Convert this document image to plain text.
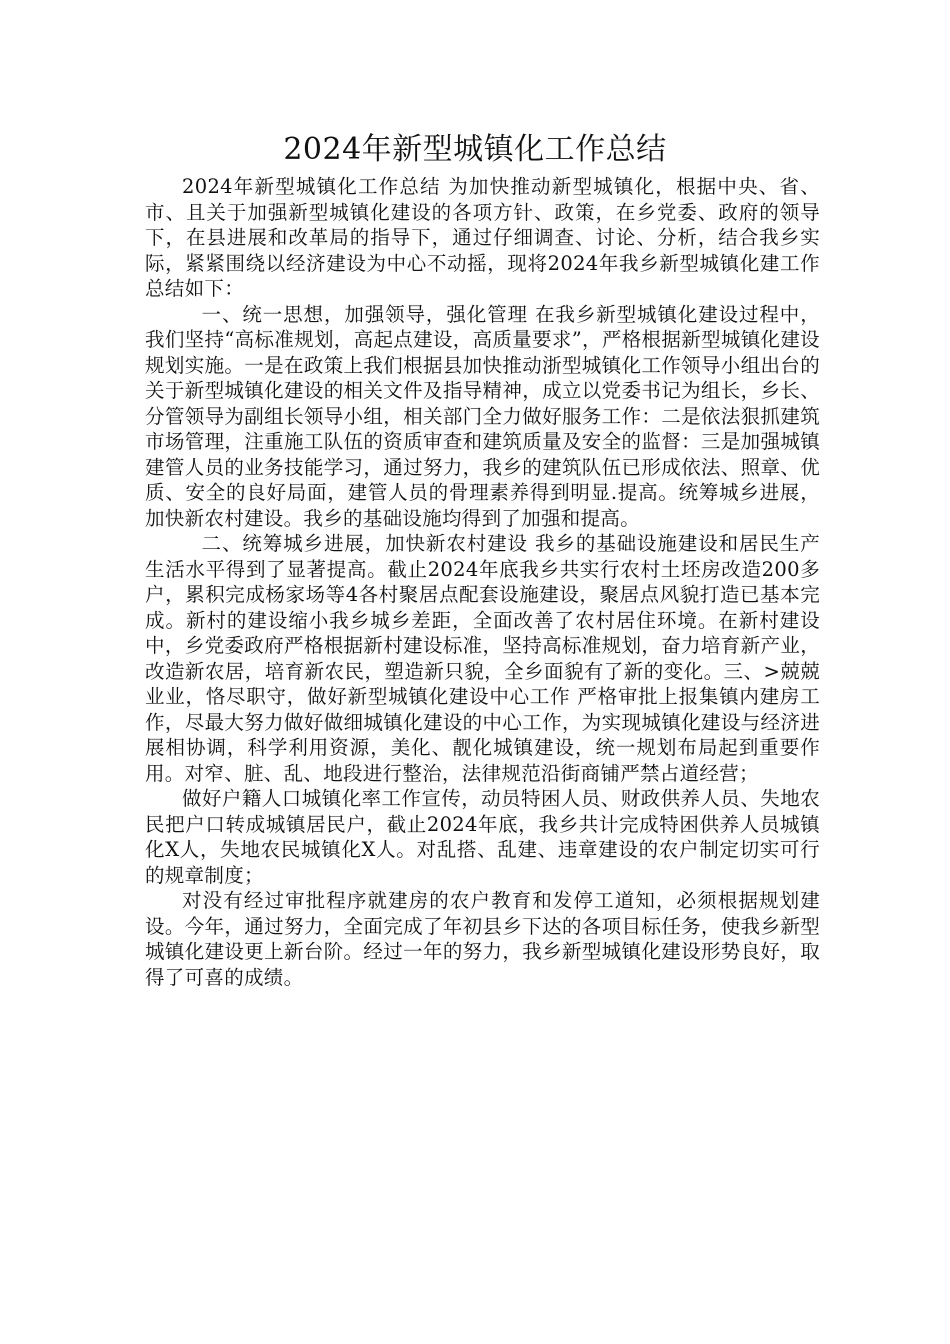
2024年新型城镇化工作总结

2024年新型城镇化工作总结 为加快推动新型城镇化，根据中央、省、市、且关于加强新型城镇化建设的各项方针、政策，在乡党委、政府的领导下，在县进展和改革局的指导下，通过仔细调查、讨论、分析，结合我乡实际，紧紧围绕以经济建设为中心不动摇，现将2024年我乡新型城镇化建工作总结如下：

一、统一思想，加强领导，强化管理 在我乡新型城镇化建设过程中，我们坚持“高标准规划，高起点建设，高质量要求”，严格根据新型城镇化建设规划实施。一是在政策上我们根据县加快推动浙型城镇化工作领导小组出台的关于新型城镇化建设的相关文件及指导精神，成立以党委书记为组长，乡长、分管领导为副组长领导小组，相关部门全力做好服务工作：二是依法狠抓建筑市场管理，注重施工队伍的资质审查和建筑质量及安全的监督：三是加强城镇建管人员的业务技能学习，通过努力，我乡的建筑队伍已形成依法、照章、优质、安全的良好局面，建管人员的骨理素养得到明显.提高。统筹城乡进展，加快新农村建设。我乡的基础设施均得到了加强和提高。

二、统筹城乡进展，加快新农村建设 我乡的基础设施建设和居民生产生活水平得到了显著提高。截止2024年底我乡共实行农村土坯房改造200多户，累积完成杨家场等4各村聚居点配套设施建设，聚居点风貌打造已基本完成。新村的建设缩小我乡城乡差距，全面改善了农村居住环境。在新村建设中，乡党委政府严格根据新村建设标准，坚持高标准规划，奋力培育新产业，改造新农居，培育新农民，塑造新只貌，全乡面貌有了新的变化。三、>兢兢业业，恪尽职守，做好新型城镇化建设中心工作 严格审批上报集镇内建房工作，尽最大努力做好做细城镇化建设的中心工作，为实现城镇化建设与经济进展相协调，科学利用资源，美化、靓化城镇建设，统一规划布局起到重要作用。对窄、脏、乱、地段进行整治，法律规范沿街商铺严禁占道经营；

做好户籍人口城镇化率工作宣传，动员特困人员、财政供养人员、失地农民把户口转成城镇居民户，截止2024年底，我乡共计完成特困供养人员城镇化X人，失地农民城镇化X人。对乱搭、乱建、违章建设的农户制定切实可行的规章制度；

对没有经过审批程序就建房的农户教育和发停工道知，必须根据规划建设。今年，通过努力，全面完成了年初县乡下达的各项目标任务，使我乡新型城镇化建设更上新台阶。经过一年的努力，我乡新型城镇化建设形势良好，取得了可喜的成绩。
